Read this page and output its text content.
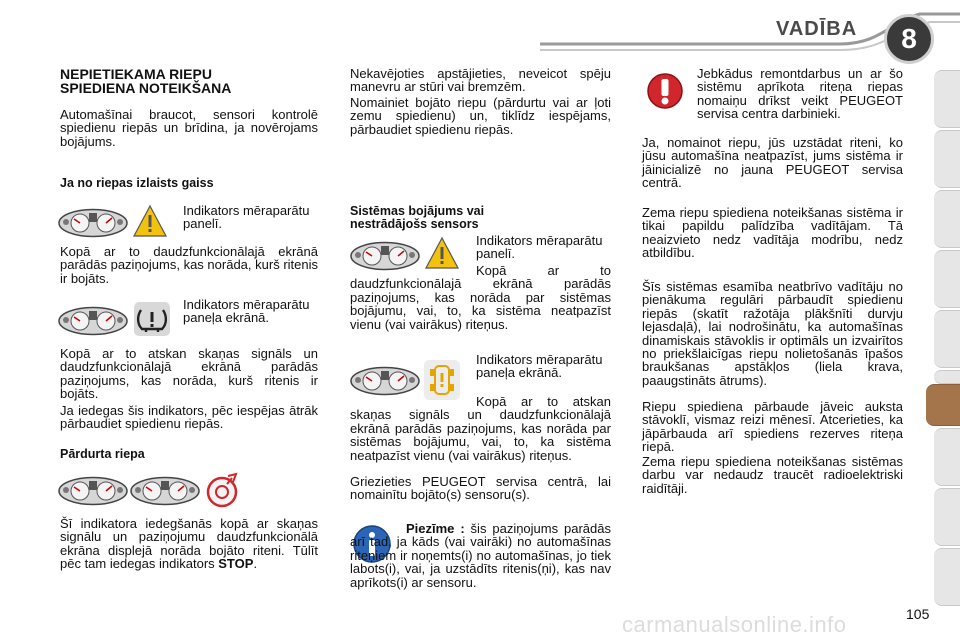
VADĪBA 8
NEPIETIEKAMA RIEPU SPIEDIENA NOTEIKŠANA
Automašīnai braucot, sensori kontrolē spiedienu riepās un brīdina, ja novērojams bojājums.
Ja no riepas izlaists gaiss
Indikators mēraparātu panelī.
Kopā ar to daudzfunkcionālajā ekrānā parādās paziņojums, kas norāda, kurš ritenis ir bojāts.
Indikators mēraparātu paneļa ekrānā.
Kopā ar to atskan skaņas signāls un daudzfunkcionālajā ekrānā parādās paziņojums, kas norāda, kurš ritenis ir bojāts.
Ja iedegas šis indikators, pēc iespējas ātrāk pārbaudiet spiedienu riepās.
Pārdurta riepa
Šī indikatora iedegšanās kopā ar skaņas signālu un paziņojumu daudzfunkcionālā ekrāna displejā norāda bojāto riteni. Tūlīt pēc tam iedegas indikators STOP.
Nekavējoties apstājieties, neveicot spēju manevru ar stūri vai bremzēm.
Nomainiet bojāto riepu (pārdurtu vai ar ļoti zemu spiedienu) un, tiklīdz iespējams, pārbaudiet spiedienu riepās.
Sistēmas bojājums vai nestrādājošs sensors
Indikators mēraparātu panelī.
Kopā ar to daudzfunkcionālajā ekrānā parādās paziņojums, kas norāda par sistēmas bojājumu, vai, to, ka sistēma neatpazīst vienu (vai vairākus) riteņus.
Indikators mēraparātu paneļa ekrānā.
Kopā ar to atskan skaņas signāls un daudzfunkcionālajā ekrānā parādās paziņojums, kas norāda par sistēmas bojājumu, vai, to, ka sistēma neatpazīst vienu (vai vairākus) riteņus.
Griezieties PEUGEOT servisa centrā, lai nomainītu bojāto(s) sensoru(s).
Piezīme : šis paziņojums parādās arī tad, ja kāds (vai vairāki) no automašīnas riteņiem ir noņemts(i) no automašīnas, jo tiek labots(i), vai, ja uzstādīts ritenis(ņi), kas nav aprīkots(i) ar sensoru.
Jebkādus remontdarbus un ar šo sistēmu aprīkota riteņa riepas nomaiņu drīkst veikt PEUGEOT servisa centra darbinieki.
Ja, nomainot riepu, jūs uzstādat riteni, ko jūsu automašīna neatpazīst, jums sistēma ir jāinicializē no jauna PEUGEOT servisa centrā.
Zema riepu spiediena noteikšanas sistēma ir tikai papildu palīdzība vadītājam. Tā neaizvieto nedz vadītāja modrību, nedz atbildību.
Šīs sistēmas esamība neatbrīvo vadītāju no pienākuma regulāri pārbaudīt spiedienu riepās (skatīt ražotāja plākšnīti durvju lejasdaļā), lai nodrošinātu, ka automašīnas dinamiskais stāvoklis ir optimāls un izvairītos no priekšlaicīgas riepu nolietošanās īpašos braukšanas apstākļos (liela krava, paaugstināts ātrums).
Riepu spiediena pārbaude jāveic auksta stāvoklī, vismaz reizi mēnesī. Atcerieties, ka jāpārbauda arī spiediens rezerves riteņa riepā.
Zema riepu spiediena noteikšanas sistēmas darbu var nedaudz traucēt radioelektriski raidītāji.
105
carmanualsonline.info
